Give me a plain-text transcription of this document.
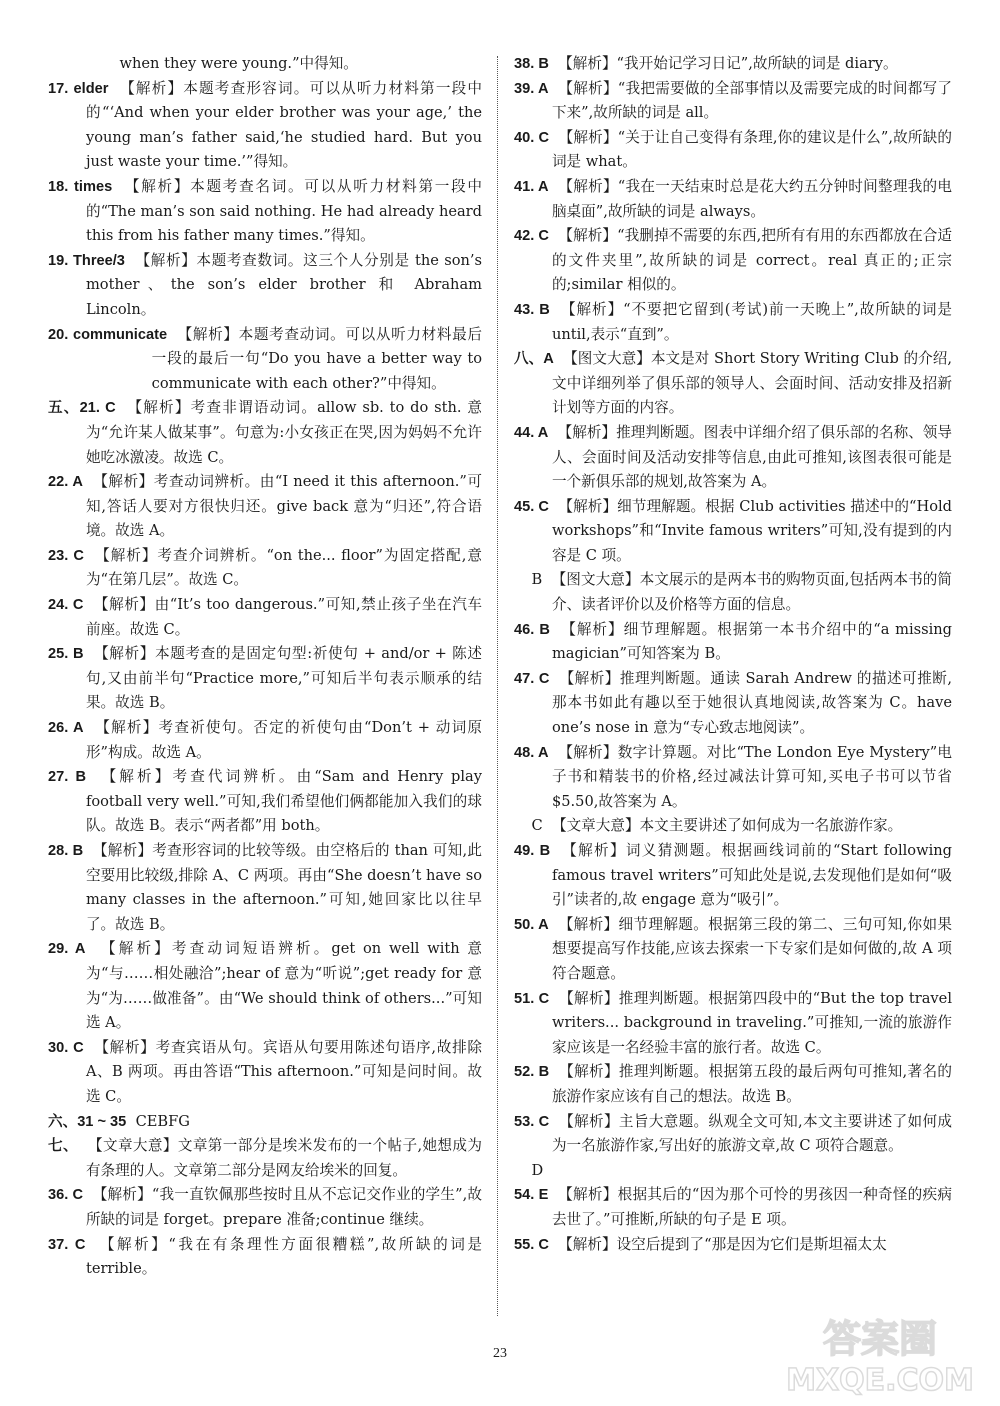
when they were young.”中得知。

17. elder 【解析】本题考查形容词。可以从听力材料第一段中的“‘And when your elder brother was your age,’ the young man’s father said,‘he studied hard. But you just waste your time.’”得知。

18. times 【解析】本题考查名词。可以从听力材料第一段中的“The man’s son said nothing. He had already heard this from his father many times.”得知。

19. Three/3 【解析】本题考查数词。这三个人分别是 the son’s mother、the son’s elder brother 和 Abraham Lincoln。

20. communicate 【解析】本题考查动词。可以从听力材料最后一段的最后一句“Do you have a better way to communicate with each other?”中得知。

五、21. C 【解析】考查非谓语动词。allow sb. to do sth. 意为“允许某人做某事”。句意为:小女孩正在哭,因为妈妈不允许她吃冰激凌。故选 C。

22. A 【解析】考查动词辨析。由“I need it this afternoon.”可知,答话人要对方很快归还。give back 意为“归还”,符合语境。故选 A。

23. C 【解析】考查介词辨析。“on the... floor”为固定搭配,意为“在第几层”。故选 C。

24. C 【解析】由“It’s too dangerous.”可知,禁止孩子坐在汽车前座。故选 C。

25. B 【解析】本题考查的是固定句型:祈使句 + and/or + 陈述句,又由前半句“Practice more,”可知后半句表示顺承的结果。故选 B。

26. A 【解析】考查祈使句。否定的祈使句由“Don’t + 动词原形”构成。故选 A。

27. B 【解析】考查代词辨析。由“Sam and Henry play football very well.”可知,我们希望他们俩都能加入我们的球队。故选 B。表示“两者都”用 both。

28. B 【解析】考查形容词的比较等级。由空格后的 than 可知,此空要用比较级,排除 A、C 两项。再由“She doesn’t have so many classes in the afternoon.”可知,她回家比以往早了。故选 B。

29. A 【解析】考查动词短语辨析。get on well with 意为“与……相处融洽”;hear of 意为“听说”;get ready for 意为“为……做准备”。由“We should think of others...”可知选 A。

30. C 【解析】考查宾语从句。宾语从句要用陈述句语序,故排除 A、B 两项。再由答语“This afternoon.”可知是问时间。故选 C。

六、31 ~ 35 CEBFG

七、 【文章大意】文章第一部分是埃米发布的一个帖子,她想成为有条理的人。文章第二部分是网友给埃米的回复。

36. C 【解析】“我一直钦佩那些按时且从不忘记交作业的学生”,故所缺的词是 forget。prepare 准备;continue 继续。

37. C 【解析】“我在有条理性方面很糟糕”,故所缺的词是 terrible。

38. B 【解析】“我开始记学习日记”,故所缺的词是 diary。

39. A 【解析】“我把需要做的全部事情以及需要完成的时间都写了下来”,故所缺的词是 all。

40. C 【解析】“关于让自己变得有条理,你的建议是什么”,故所缺的词是 what。

41. A 【解析】“我在一天结束时总是花大约五分钟时间整理我的电脑桌面”,故所缺的词是 always。

42. C 【解析】“我删掉不需要的东西,把所有有用的东西都放在合适的文件夹里”,故所缺的词是 correct。real 真正的;正宗的;similar 相似的。

43. B 【解析】“不要把它留到(考试)前一天晚上”,故所缺的词是 until,表示“直到”。

八、A 【图文大意】本文是对 Short Story Writing Club 的介绍,文中详细列举了俱乐部的领导人、会面时间、活动安排及招新计划等方面的内容。

44. A 【解析】推理判断题。图表中详细介绍了俱乐部的名称、领导人、会面时间及活动安排等信息,由此可推知,该图表很可能是一个新俱乐部的规划,故答案为 A。

45. C 【解析】细节理解题。根据 Club activities 描述中的“Hold workshops”和“Invite famous writers”可知,没有提到的内容是 C 项。

B 【图文大意】本文展示的是两本书的购物页面,包括两本书的简介、读者评价以及价格等方面的信息。

46. B 【解析】细节理解题。根据第一本书介绍中的“a missing magician”可知答案为 B。

47. C 【解析】推理判断题。通读 Sarah Andrew 的描述可推断,那本书如此有趣以至于她很认真地阅读,故答案为 C。have one’s nose in 意为“专心致志地阅读”。

48. A 【解析】数字计算题。对比“The London Eye Mystery”电子书和精装书的价格,经过减法计算可知,买电子书可以节省 $5.50,故答案为 A。

C 【文章大意】本文主要讲述了如何成为一名旅游作家。

49. B 【解析】词义猜测题。根据画线词前的“Start following famous travel writers”可知此处是说,去发现他们是如何“吸引”读者的,故 engage 意为“吸引”。

50. A 【解析】细节理解题。根据第三段的第二、三句可知,你如果想要提高写作技能,应该去探索一下专家们是如何做的,故 A 项符合题意。

51. C 【解析】推理判断题。根据第四段中的“But the top travel writers... background in traveling.”可推知,一流的旅游作家应该是一名经验丰富的旅行者。故选 C。

52. B 【解析】推理判断题。根据第五段的最后两句可推知,著名的旅游作家应该有自己的想法。故选 B。

53. C 【解析】主旨大意题。纵观全文可知,本文主要讲述了如何成为一名旅游作家,写出好的旅游文章,故 C 项符合题意。

D

54. E 【解析】根据其后的“因为那个可怜的男孩因一种奇怪的疾病去世了。”可推断,所缺的句子是 E 项。

55. C 【解析】设空后提到了“那是因为它们是斯坦福太太

23	答案圈
MXQE.COM
